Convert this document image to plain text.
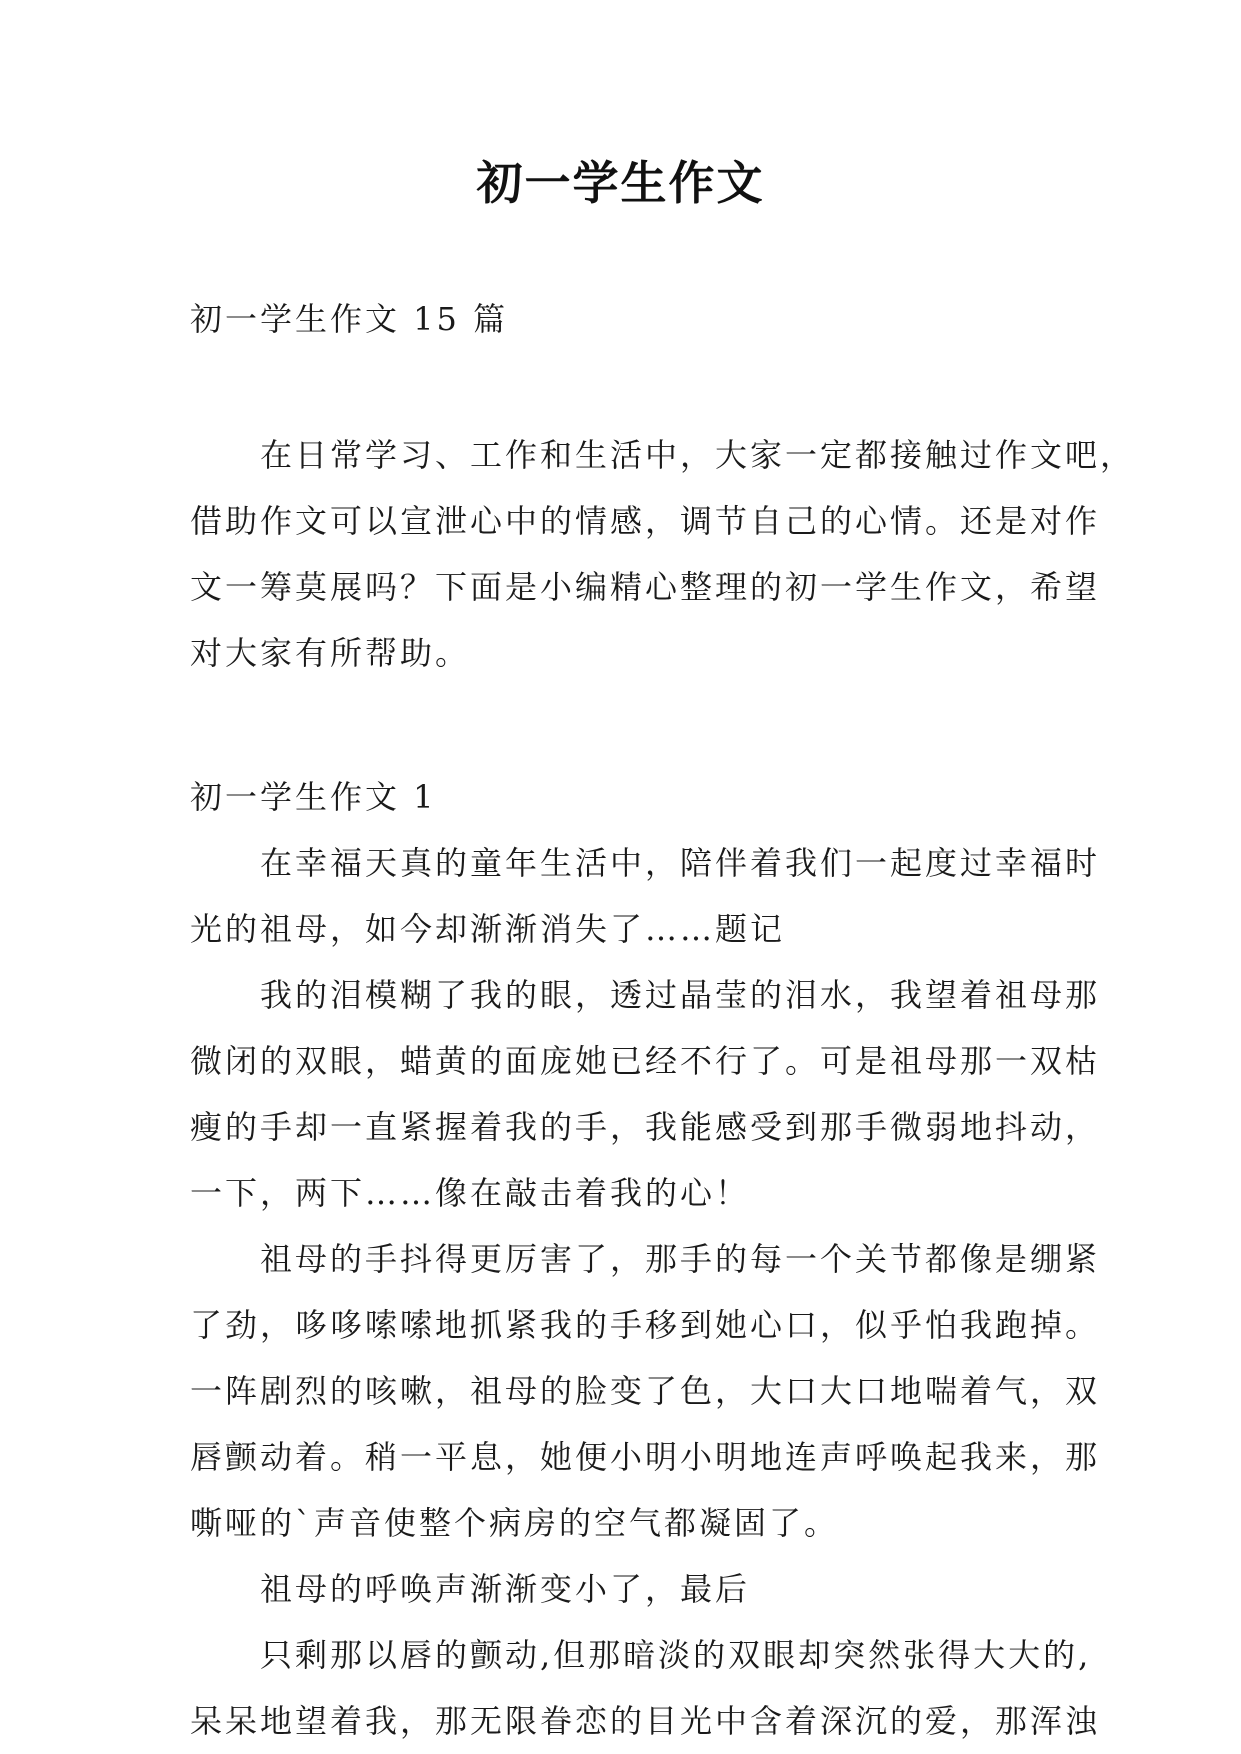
初一学生作文
初一学生作文 15 篇
　　在日常学习、工作和生活中，大家一定都接触过作文吧，
借助作文可以宣泄心中的情感，调节自己的心情。还是对作
文一筹莫展吗？下面是小编精心整理的初一学生作文，希望
对大家有所帮助。
初一学生作文 1
　　在幸福天真的童年生活中，陪伴着我们一起度过幸福时
光的祖母，如今却渐渐消失了……题记
　　我的泪模糊了我的眼，透过晶莹的泪水，我望着祖母那
微闭的双眼，蜡黄的面庞她已经不行了。可是祖母那一双枯
瘦的手却一直紧握着我的手，我能感受到那手微弱地抖动，
一下，两下……像在敲击着我的心！
　　祖母的手抖得更厉害了，那手的每一个关节都像是绷紧
了劲，哆哆嗦嗦地抓紧我的手移到她心口，似乎怕我跑掉。
一阵剧烈的咳嗽，祖母的脸变了色，大口大口地喘着气，双
唇颤动着。稍一平息，她便小明小明地连声呼唤起我来，那
嘶哑的`声音使整个病房的空气都凝固了。
　　祖母的呼唤声渐渐变小了，最后
　　只剩那以唇的颤动,但那暗淡的双眼却突然张得大大的,
呆呆地望着我，那无限眷恋的目光中含着深沉的爱，那浑浊
